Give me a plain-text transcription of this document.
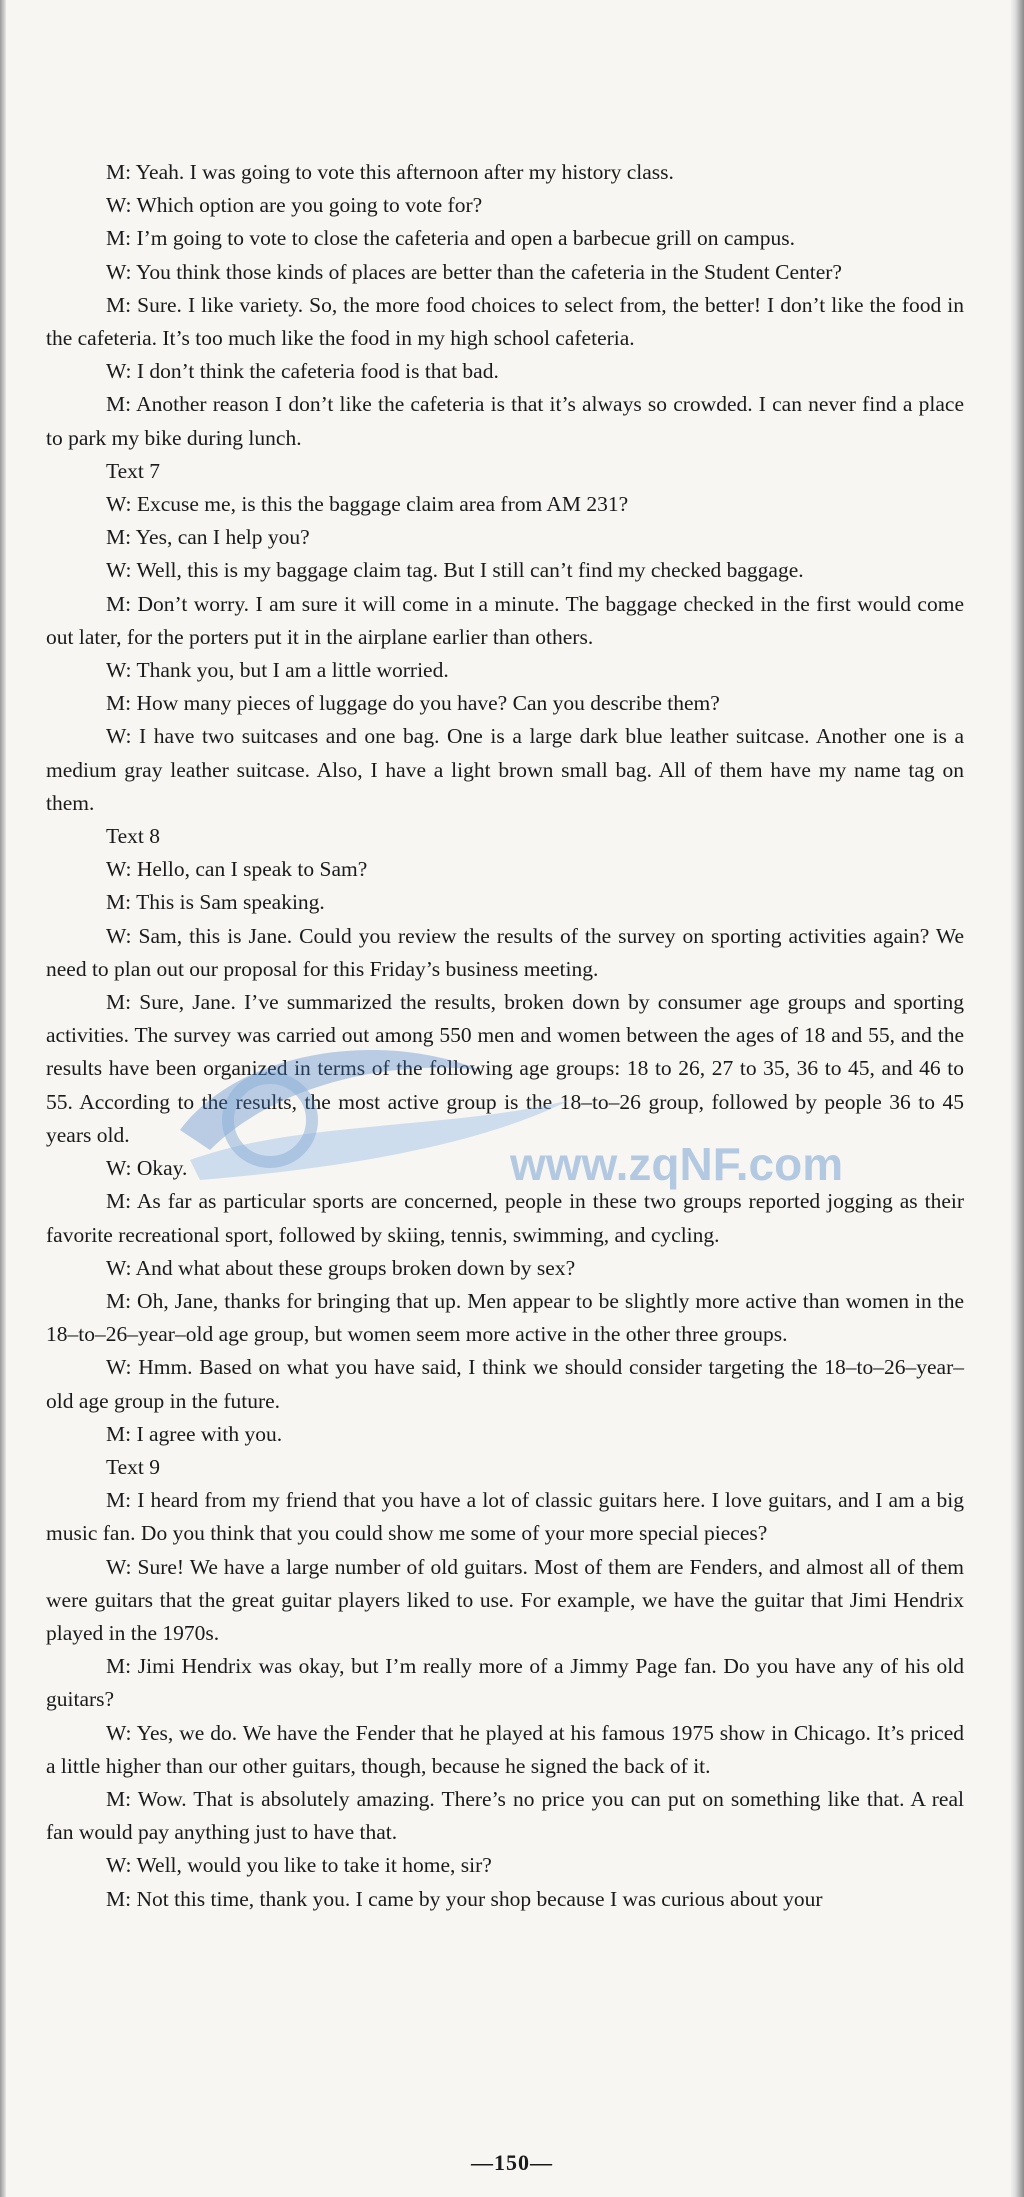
M: Yeah. I was going to vote this afternoon after my history class.

W: Which option are you going to vote for?

M: I’m going to vote to close the cafeteria and open a barbecue grill on campus.

W: You think those kinds of places are better than the cafeteria in the Student Center?

M: Sure. I like variety. So, the more food choices to select from, the better! I don’t like the food in the cafeteria. It’s too much like the food in my high school cafeteria.

W: I don’t think the cafeteria food is that bad.

M: Another reason I don’t like the cafeteria is that it’s always so crowded. I can never find a place to park my bike during lunch.

Text 7

W: Excuse me, is this the baggage claim area from AM 231?

M: Yes, can I help you?

W: Well, this is my baggage claim tag. But I still can’t find my checked baggage.

M: Don’t worry. I am sure it will come in a minute. The baggage checked in the first would come out later, for the porters put it in the airplane earlier than others.

W: Thank you, but I am a little worried.

M: How many pieces of luggage do you have? Can you describe them?

W: I have two suitcases and one bag. One is a large dark blue leather suitcase. Another one is a medium gray leather suitcase. Also, I have a light brown small bag. All of them have my name tag on them.

Text 8

W: Hello, can I speak to Sam?

M: This is Sam speaking.

W: Sam, this is Jane. Could you review the results of the survey on sporting activities again? We need to plan out our proposal for this Friday’s business meeting.

M: Sure, Jane. I’ve summarized the results, broken down by consumer age groups and sporting activities. The survey was carried out among 550 men and women between the ages of 18 and 55, and the results have been organized in terms of the following age groups: 18 to 26, 27 to 35, 36 to 45, and 46 to 55. According to the results, the most active group is the 18–to–26 group, followed by people 36 to 45 years old.

W: Okay.

M: As far as particular sports are concerned, people in these two groups reported jogging as their favorite recreational sport, followed by skiing, tennis, swimming, and cycling.

W: And what about these groups broken down by sex?

M: Oh, Jane, thanks for bringing that up. Men appear to be slightly more active than women in the 18–to–26–year–old age group, but women seem more active in the other three groups.

W: Hmm. Based on what you have said, I think we should consider targeting the 18–to–26–year–old age group in the future.

M: I agree with you.

Text 9

M: I heard from my friend that you have a lot of classic guitars here. I love guitars, and I am a big music fan. Do you think that you could show me some of your more special pieces?

W: Sure! We have a large number of old guitars. Most of them are Fenders, and almost all of them were guitars that the great guitar players liked to use. For example, we have the guitar that Jimi Hendrix played in the 1970s.

M: Jimi Hendrix was okay, but I’m really more of a Jimmy Page fan. Do you have any of his old guitars?

W: Yes, we do. We have the Fender that he played at his famous 1975 show in Chicago. It’s priced a little higher than our other guitars, though, because he signed the back of it.

M: Wow. That is absolutely amazing. There’s no price you can put on something like that. A real fan would pay anything just to have that.

W: Well, would you like to take it home, sir?

M: Not this time, thank you. I came by your shop because I was curious about your

www.zqNF.com
—150—
